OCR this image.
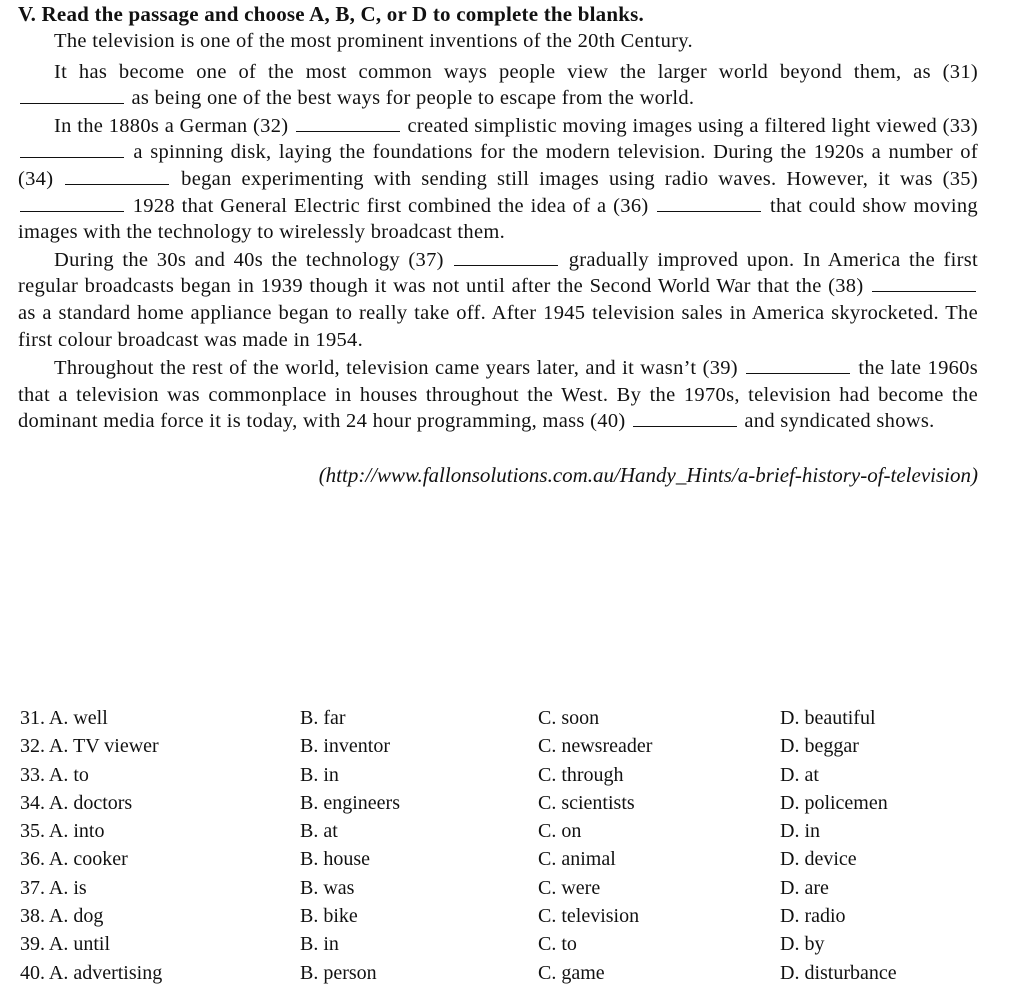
V. Read the passage and choose A, B, C, or D to complete the blanks.

The television is one of the most prominent inventions of the 20th Century.

It has become one of the most common ways people view the larger world beyond them, as (31)  as being one of the best ways for people to escape from the world.

In the 1880s a German (32)	created simplistic moving images using a filtered light viewed (33)  a spinning disk, laying the foundations for the modern television. During the 1920s a number of (34)	began experimenting with sending still images using radio waves. However, it was (35)  1928 that General Electric first combined the idea of a (36)	that could show moving images with the technology to wirelessly broadcast them.

During the 30s and 40s the technology (37)	gradually improved upon. In America the first regular broadcasts began in 1939 though it was not until after the Second World War that the (38)  as a standard home appliance began to really take off. After 1945 television sales in America skyrocketed. The first colour broadcast was made in 1954.

Throughout the rest of the world, television came years later, and it wasn’t (39)	the late 1960s that a television was commonplace in houses throughout the West. By the 1970s, television had become the dominant media force it is today, with 24 hour programming, mass (40)	and syndicated shows.

(http://www.fallonsolutions.com.au/Handy_Hints/a-brief-history-of-television)

31. A. well	B. far	C. soon	D. beautiful
32. A. TV viewer	B. inventor	C. newsreader	D. beggar
33. A. to	B. in	C. through	D. at
34. A. doctors	B. engineers	C. scientists	D. policemen
35. A. into	B. at	C. on	D. in
36. A. cooker	B. house	C. animal	D. device
37. A. is	B. was	C. were	D. are
38. A. dog	B. bike	C. television	D. radio
39. A. until	B. in	C. to	D. by
40. A. advertising	B. person	C. game	D. disturbance
